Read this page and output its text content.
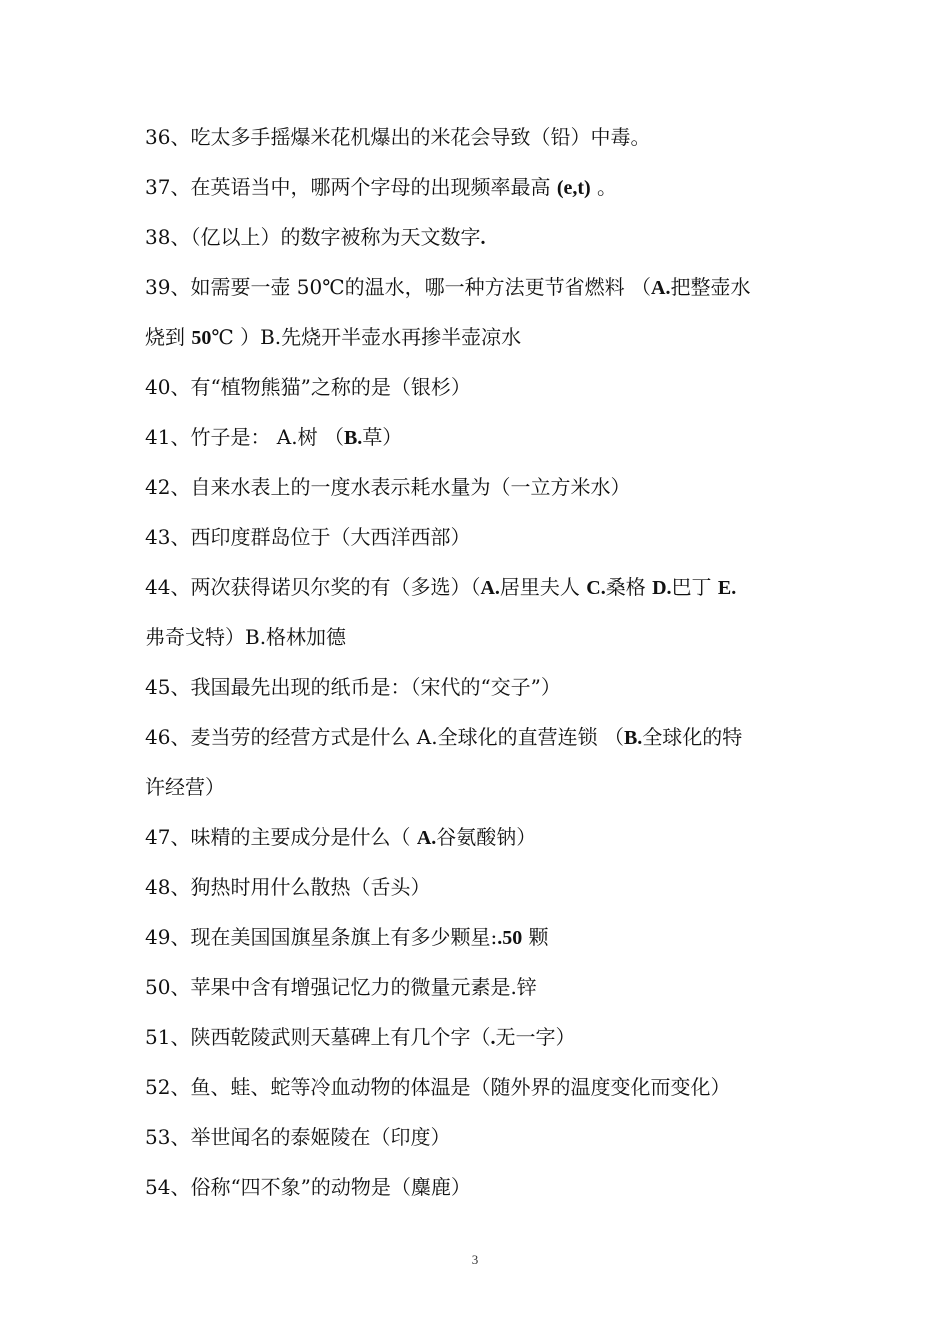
36、吃太多手摇爆米花机爆出的米花会导致（铅）中毒。
37、在英语当中，哪两个字母的出现频率最高 (e,t) 。
38、（亿以上）的数字被称为天文数字.
39、如需要一壶 50℃的温水，哪一种方法更节省燃料 （A.把整壶水
烧到 50℃ ）B.先烧开半壶水再掺半壶凉水
40、有“植物熊猫”之称的是（银杉）
41、竹子是： A.树 （B.草）
42、自来水表上的一度水表示耗水量为（一立方米水）
43、西印度群岛位于（大西洋西部）
44、两次获得诺贝尔奖的有（多选）（A.居里夫人 C.桑格 D.巴丁 E.
弗奇戈特）B.格林加德
45、我国最先出现的纸币是：（宋代的“交子”）
46、麦当劳的经营方式是什么 A.全球化的直营连锁 （B.全球化的特
许经营）
47、味精的主要成分是什么（ A.谷氨酸钠）
48、狗热时用什么散热（舌头）
49、现在美国国旗星条旗上有多少颗星:.50 颗
50、苹果中含有增强记忆力的微量元素是.锌
51、陕西乾陵武则天墓碑上有几个字（.无一字）
52、鱼、蛙、蛇等冷血动物的体温是（随外界的温度变化而变化）
53、举世闻名的泰姬陵在（印度）
54、俗称“四不象”的动物是（麋鹿）
3
